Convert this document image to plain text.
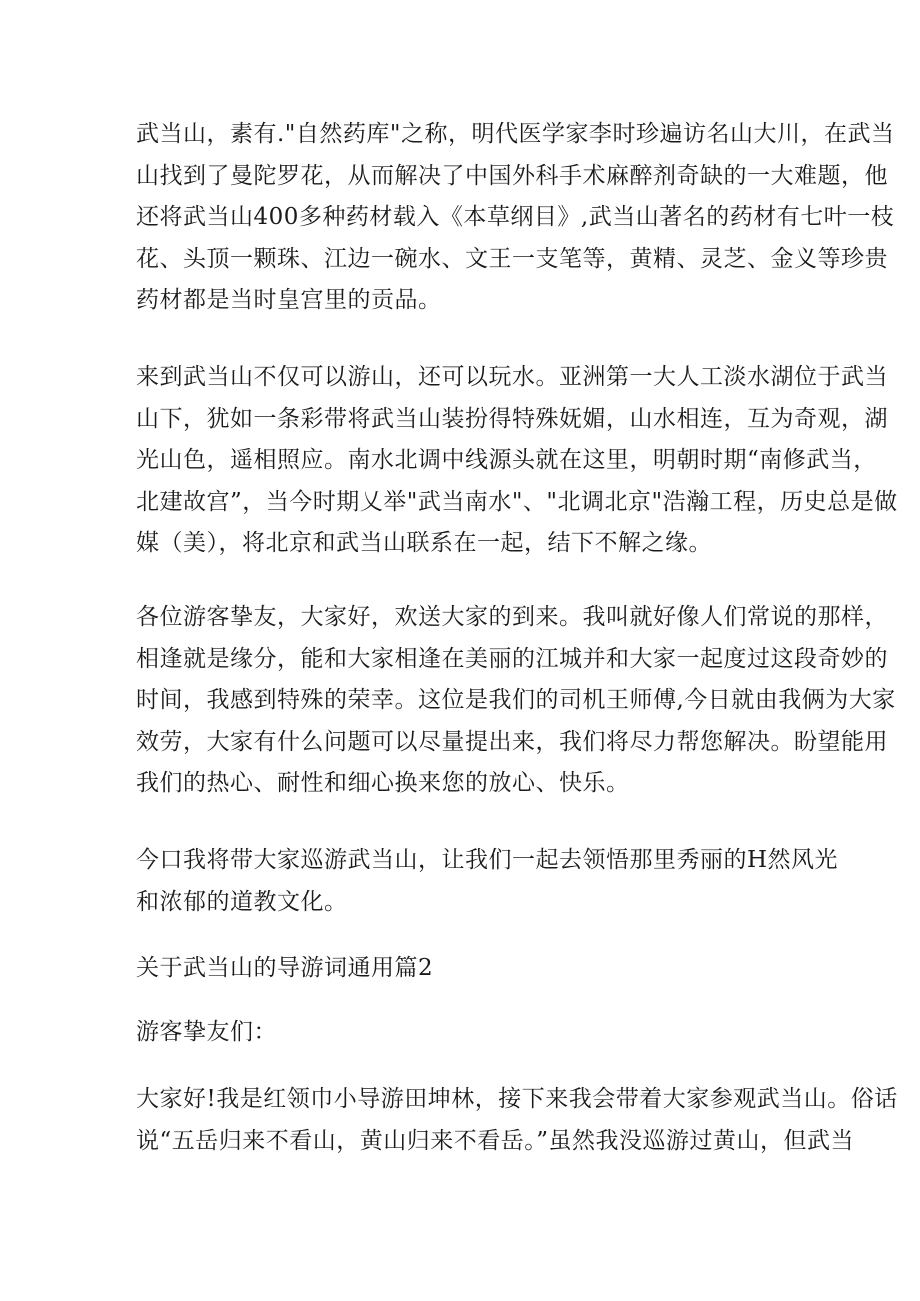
武当山，素有."自然药库"之称，明代医学家李时珍遍访名山大川，在武当
山找到了曼陀罗花，从而解决了中国外科手术麻醉剂奇缺的一大难题，他
还将武当山400多种药材载入《本草纲目》,武当山著名的药材有七叶一枝
花、头顶一颗珠、江边一碗水、文王一支笔等，黄精、灵芝、金义等珍贵
药材都是当时皇宫里的贡品。

来到武当山不仅可以游山，还可以玩水。亚洲第一大人工淡水湖位于武当
山下，犹如一条彩带将武当山装扮得特殊妩媚，山水相连，互为奇观，湖
光山色，遥相照应。南水北调中线源头就在这里，明朝时期“南修武当，
北建故宫”，当今时期乂举"武当南水"、"北调北京"浩瀚工程，历史总是做
媒（美），将北京和武当山联系在一起，结下不解之缘。

各位游客挚友，大家好，欢送大家的到来。我叫就好像人们常说的那样，
相逢就是缘分，能和大家相逢在美丽的江城并和大家一起度过这段奇妙的
时间，我感到特殊的荣幸。这位是我们的司机王师傅,今日就由我俩为大家
效劳，大家有什么问题可以尽量提出来，我们将尽力帮您解决。盼望能用
我们的热心、耐性和细心换来您的放心、快乐。

今口我将带大家巡游武当山，让我们一起去领悟那里秀丽的H然风光
和浓郁的道教文化。

关于武当山的导游词通用篇2

游客挚友们：

大家好!我是红领巾小导游田坤林，接下来我会带着大家参观武当山。俗话
说“五岳归来不看山，黄山归来不看岳。”虽然我没巡游过黄山，但武当
